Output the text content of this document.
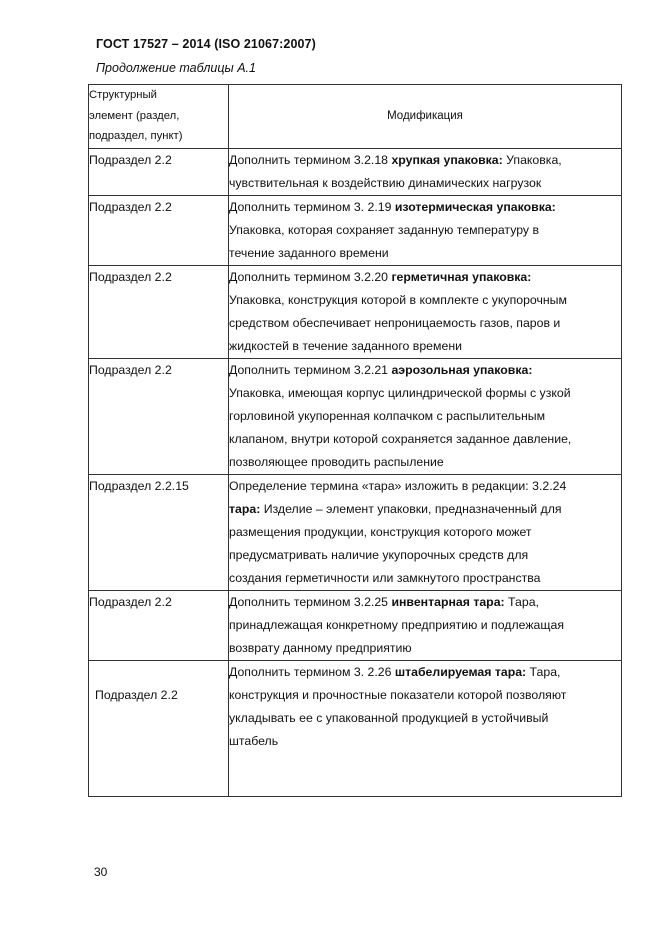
ГОСТ 17527 – 2014 (ISO 21067:2007)
Продолжение таблицы А.1
Структурный
элемент (раздел,
подраздел, пункт)	Модификация
Подраздел 2.2	Дополнить термином 3.2.18 хрупкая упаковка: Упаковка,
чувствительная к воздействию динамических нагрузок

Подраздел 2.2	Дополнить термином 3. 2.19 изотермическая упаковка:
Упаковка, которая сохраняет заданную температуру в
течение заданного времени

Подраздел 2.2	Дополнить термином 3.2.20 герметичная упаковка:
Упаковка, конструкция которой в комплекте с укупорочным
средством обеспечивает непроницаемость газов, паров и
жидкостей в течение заданного времени

Подраздел 2.2	Дополнить термином 3.2.21 аэрозольная упаковка:
Упаковка, имеющая корпус цилиндрической формы с узкой
горловиной укупоренная колпачком с распылительным
клапаном, внутри которой сохраняется заданное давление,
позволяющее проводить распыление

Подраздел 2.2.15	Определение термина «тара» изложить в редакции: 3.2.24
тара: Изделие – элемент упаковки, предназначенный для
размещения продукции, конструкция которого может
предусматривать наличие укупорочных средств для
создания герметичности или замкнутого пространства

Подраздел 2.2	Дополнить термином 3.2.25 инвентарная тара: Тара,
принадлежащая конкретному предприятию и подлежащая
возврату данному предприятию

Подраздел 2.2	Дополнить термином 3. 2.26 штабелируемая тара: Тара,
конструкция и прочностные показатели которой позволяют
укладывать ее с упакованной продукцией в устойчивый
штабель
30
